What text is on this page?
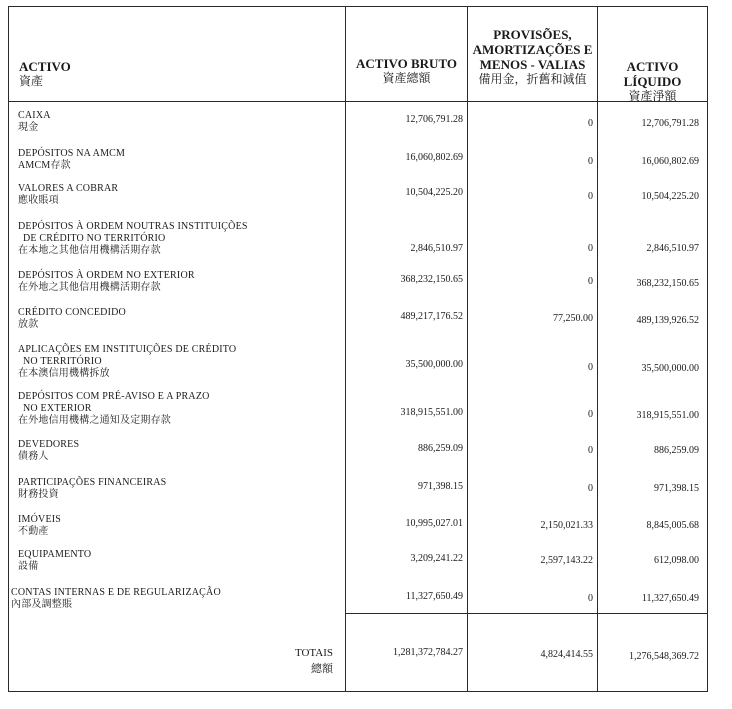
ACTIVO
資產
ACTIVO BRUTO
資產總額
PROVISÕES,
AMORTIZAÇÕES E
MENOS - VALIAS
備用金，折舊和減值
ACTIVO LÍQUIDO
資產淨額
CAIXA
現金
12,706,791.28	0	12,706,791.28
DEPÓSITOS NA AMCM
AMCM存款
16,060,802.69	0	16,060,802.69
VALORES A COBRAR
應收賬項
10,504,225.20	0	10,504,225.20
DEPÓSITOS À ORDEM NOUTRAS INSTITUIÇÕES
DE CRÉDITO NO TERRITÓRIO
在本地之其他信用機構活期存款	2,846,510.97	0	2,846,510.97
DEPÓSITOS À ORDEM NO EXTERIOR
在外地之其他信用機構活期存款
368,232,150.65	0	368,232,150.65
CRÉDITO CONCEDIDO
放款
489,217,176.52	77,250.00	489,139,926.52
APLICAÇÕES EM INSTITUIÇÕES DE CRÉDITO
NO TERRITÓRIO
在本澳信用機構拆放
35,500,000.00	0	35,500,000.00
DEPÓSITOS COM PRÉ-AVISO E A PRAZO
NO EXTERIOR
在外地信用機構之通知及定期存款
318,915,551.00	0	318,915,551.00
DEVEDORES
債務人
886,259.09	0	886,259.09
PARTICIPAÇÕES FINANCEIRAS
財務投資
971,398.15	0	971,398.15
IMÓVEIS
不動產
10,995,027.01	2,150,021.33	8,845,005.68
EQUIPAMENTO
設備
3,209,241.22	2,597,143.22	612,098.00
CONTAS INTERNAS E DE REGULARIZAÇÃO
內部及調整賬
11,327,650.49	0	11,327,650.49
TOTAIS
總額
1,281,372,784.27	4,824,414.55	1,276,548,369.72
